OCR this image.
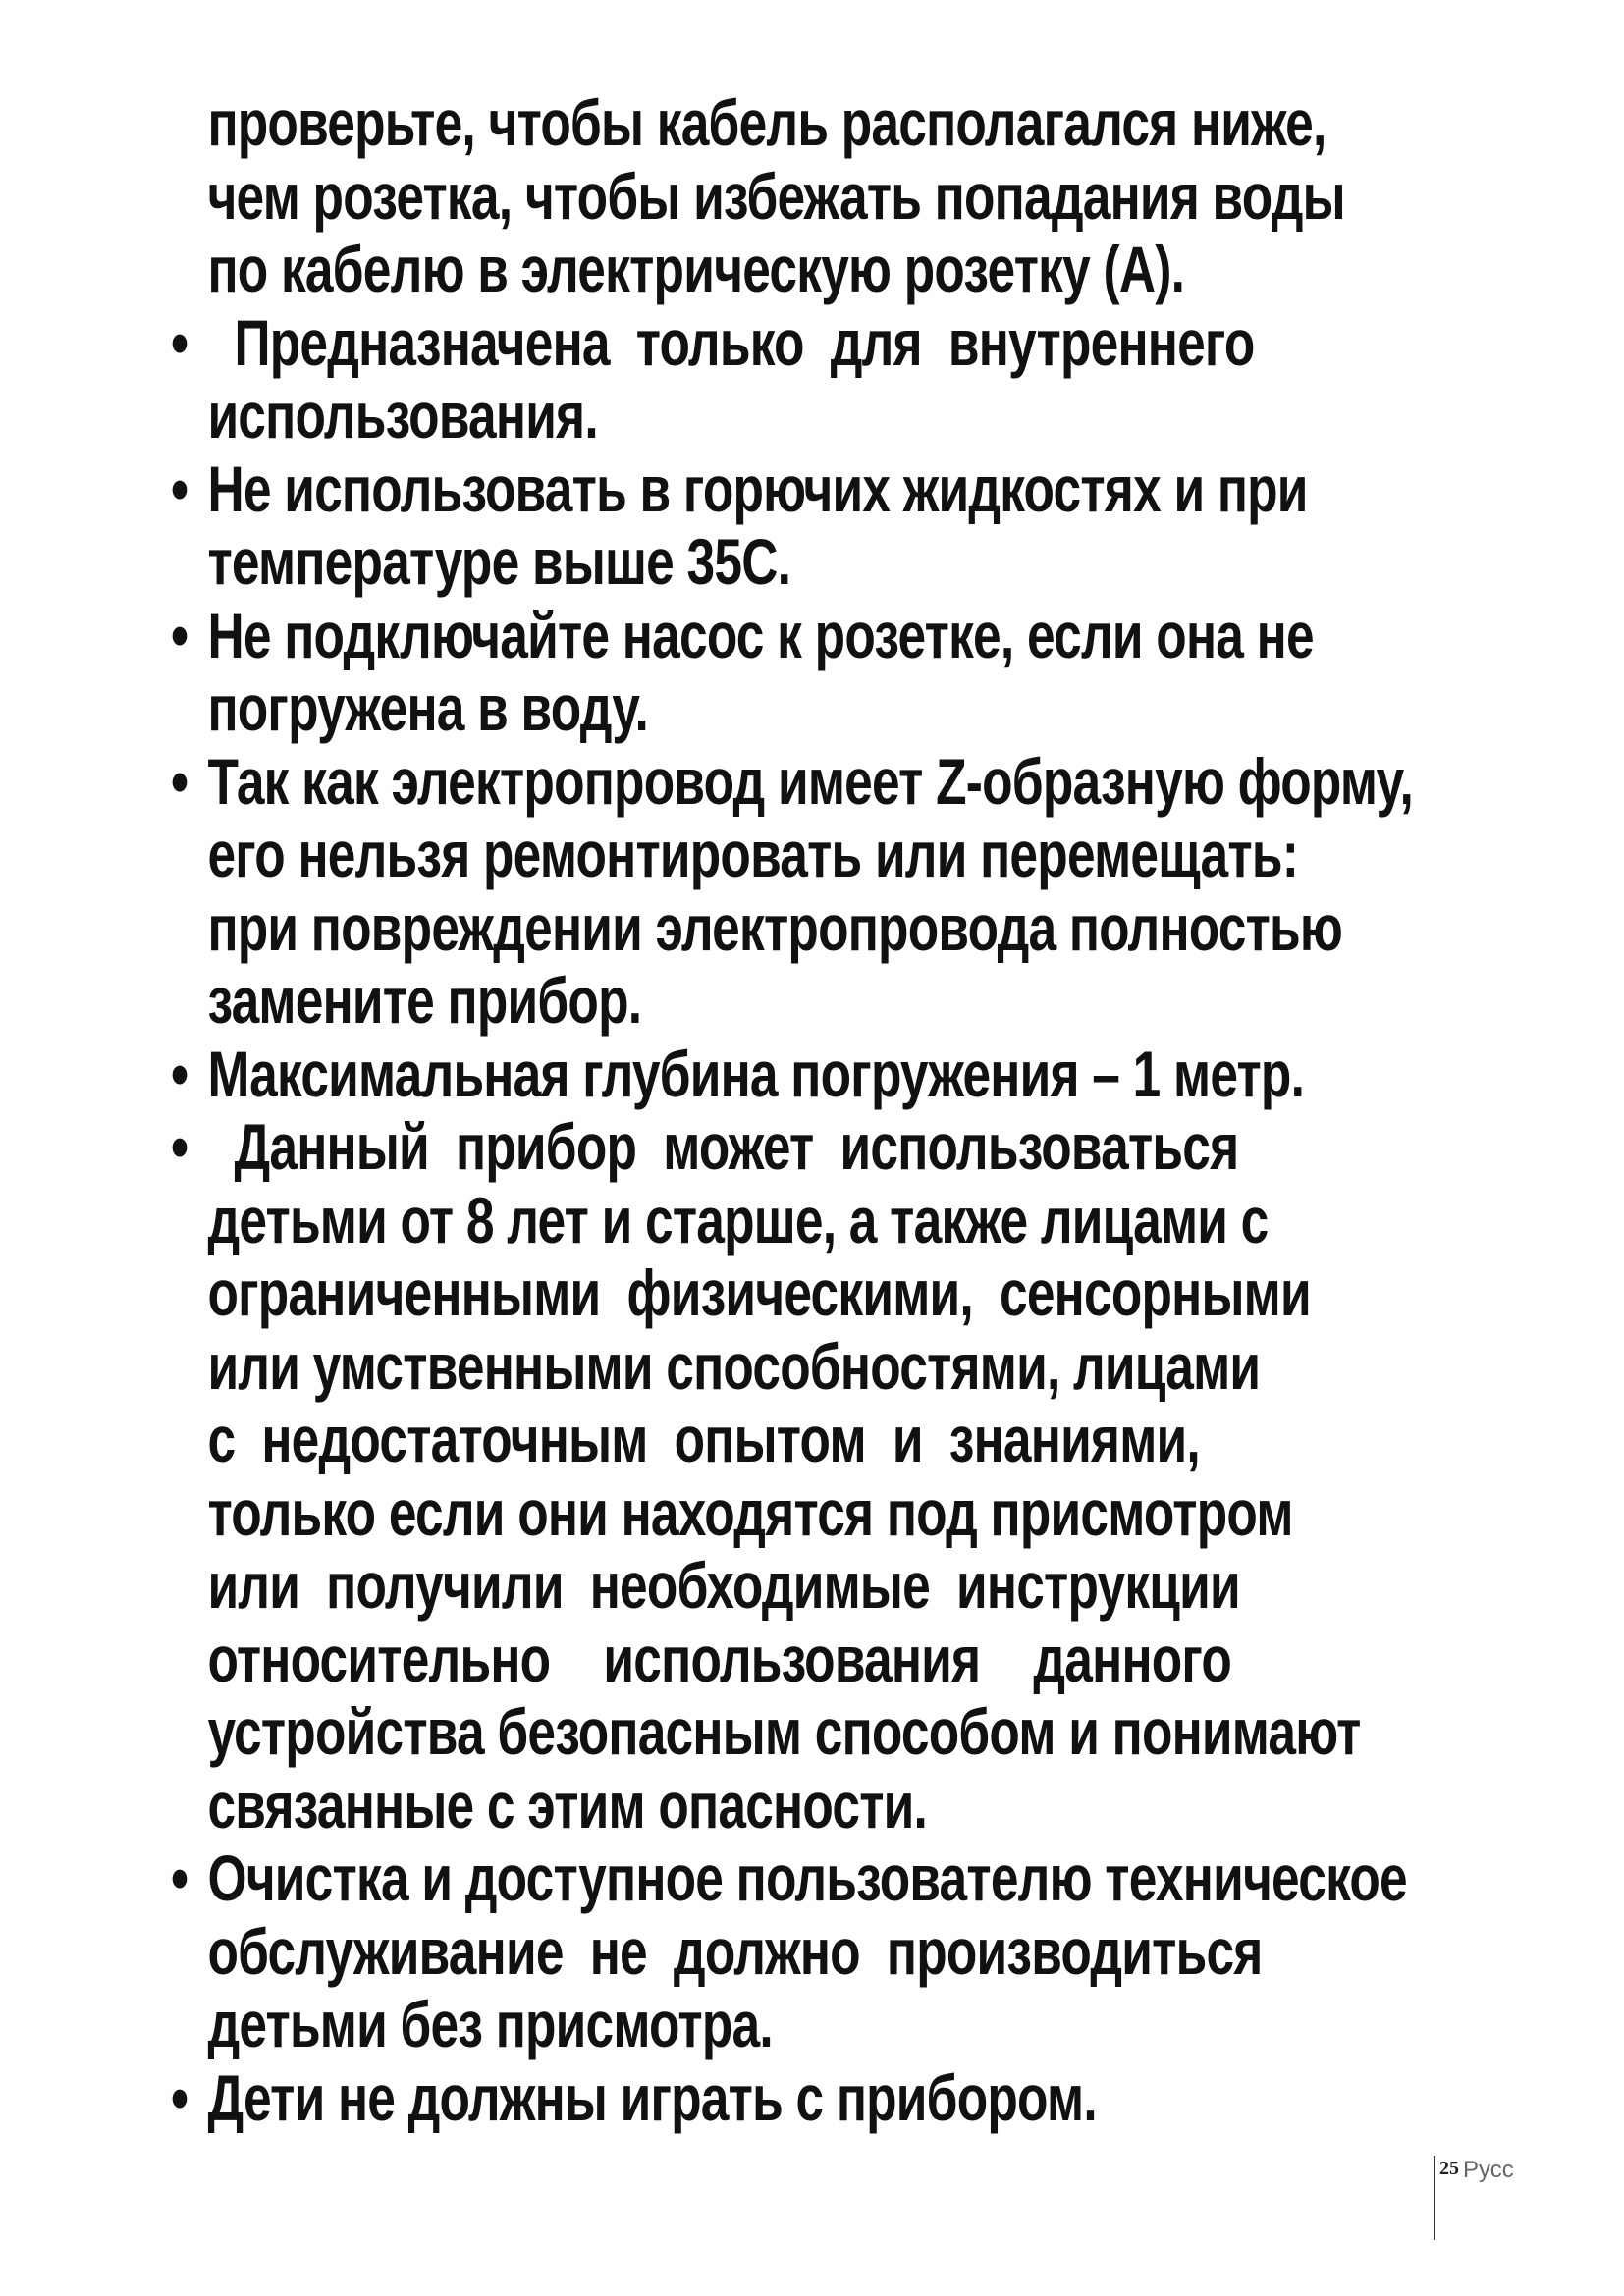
проверьте, чтобы кабель располагался ниже,
чем розетка, чтобы избежать попадания воды
по кабелю в электрическую розетку (А).
• Предназначена  только  для  внутреннего
использования.
• Не использовать в горючих жидкостях и при
температуре выше 35С.
• Не подключайте насос к розетке, если она не
погружена в воду.
• Так как электропровод имеет Z-образную форму,
его нельзя ремонтировать или перемещать:
при повреждении электропровода полностью
замените прибор.
• Максимальная глубина погружения – 1 метр.
• Данный  прибор  может  использоваться
детьми от 8 лет и старше, а также лицами с
ограниченными  физическими,  сенсорными
или умственными способностями, лицами
с  недостаточным  опытом  и  знаниями,
только если они находятся под присмотром
или  получили  необходимые  инструкции
относительно    использования    данного
устройства безопасным способом и понимают
связанные с этим опасности.
• Очистка и доступное пользователю техническое
обслуживание  не  должно  производиться
детьми без присмотра.
• Дети не должны играть с прибором.
25 Русс
